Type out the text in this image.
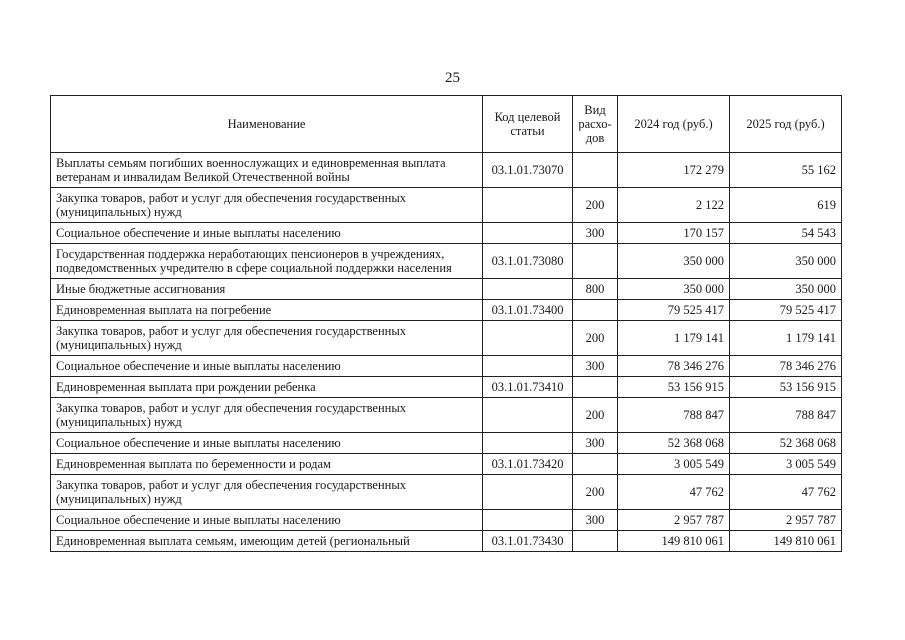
25
Наименование	Код целевой статьи	Вид расхо-дов	2024 год (руб.)	2025 год (руб.)
Выплаты семьям погибших военнослужащих и единовременная выплата ветеранам и инвалидам Великой Отечественной войны	03.1.01.73070		172 279	55 162
Закупка товаров, работ и услуг для обеспечения государственных (муниципальных) нужд		200	2 122	619
Социальное обеспечение и иные выплаты населению		300	170 157	54 543
Государственная поддержка неработающих пенсионеров в учреждениях, подведомственных учредителю в сфере социальной поддержки населения	03.1.01.73080		350 000	350 000
Иные бюджетные ассигнования		800	350 000	350 000
Единовременная выплата на погребение	03.1.01.73400		79 525 417	79 525 417
Закупка товаров, работ и услуг для обеспечения государственных (муниципальных) нужд		200	1 179 141	1 179 141
Социальное обеспечение и иные выплаты населению		300	78 346 276	78 346 276
Единовременная выплата при рождении ребенка	03.1.01.73410		53 156 915	53 156 915
Закупка товаров, работ и услуг для обеспечения государственных (муниципальных) нужд		200	788 847	788 847
Социальное обеспечение и иные выплаты населению		300	52 368 068	52 368 068
Единовременная выплата по беременности и родам	03.1.01.73420		3 005 549	3 005 549
Закупка товаров, работ и услуг для обеспечения государственных (муниципальных) нужд		200	47 762	47 762
Социальное обеспечение и иные выплаты населению		300	2 957 787	2 957 787
Единовременная выплата семьям, имеющим детей (региональный	03.1.01.73430		149 810 061	149 810 061
